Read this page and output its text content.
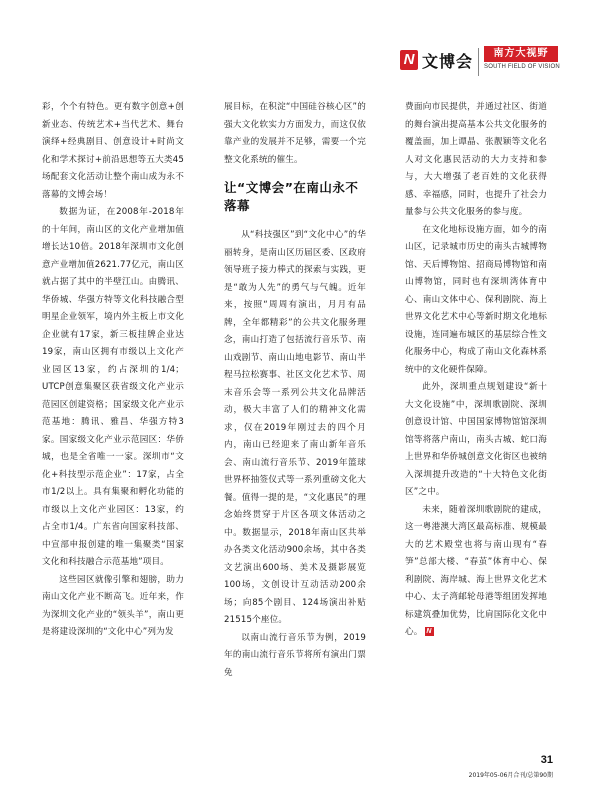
N 文博会	南方大视野
SOUTH FIELD OF VISION

彩，个个有特色。更有数字创意+创新业态、传统艺术+当代艺术、舞台演绎+经典剧目、创意设计+时尚文化和学术探讨+前沿思想等五大类45场配套文化活动让整个南山成为永不落幕的文博会场！

数据为证，在2008年-2018年的十年间，南山区的文化产业增加值增长达10倍。2018年深圳市文化创意产业增加值2621.77亿元，南山区就占据了其中的半壁江山。由腾讯、华侨城、华强方特等文化科技融合型明星企业领军，境内外主板上市文化企业就有17家，新三板挂牌企业达19家，南山区拥有市级以上文化产业园区13家，约占深圳的1/4；UTCP创意集聚区获省级文化产业示范园区创建资格；国家级文化产业示范基地：腾讯、雅昌、华强方特3家。国家级文化产业示范园区：华侨城，也是全省唯一一家。深圳市“文化+科技型示范企业”：17家，占全市1/2以上。具有集聚和孵化功能的市级以上文化产业园区：13家，约占全市1/4。广东省向国家科技部、中宣部申报创建的唯一集聚类“国家文化和科技融合示范基地”项目。

这些园区就像引擎和翅膀，助力南山文化产业不断高飞。近年来，作为深圳文化产业的“领头羊”，南山更是将建设深圳的“文化中心”列为发

展目标，在积淀“中国硅谷核心区”的强大文化软实力方面发力，而这仅依靠产业的发展并不足够，需要一个完整文化系统的催生。

让“文博会”在南山永不落幕

从“科技强区”到“文化中心”的华丽转身，是南山区历届区委、区政府领导班子接力棒式的探索与实践，更是“敢为人先”的勇气与气魄。近年来，按照“周周有演出，月月有品牌，全年都精彩”的公共文化服务理念，南山打造了包括流行音乐节、南山戏剧节、南山山地电影节、南山半程马拉松赛事、社区文化艺术节、周末音乐会等一系列公共文化品牌活动，极大丰富了人们的精神文化需求，仅在2019年刚过去的四个月内，南山已经迎来了南山新年音乐会、南山流行音乐节、2019年篮球世界杯抽签仪式等一系列重磅文化大餐。值得一提的是，“文化惠民”的理念始终贯穿于片区各项文体活动之中。数据显示，2018年南山区共举办各类文化活动900余场，其中各类文艺演出600场、美术及摄影展览100场，文创设计互动活动200余场；向85个剧目、124场演出补贴21515个座位。

以南山流行音乐节为例，2019年的南山流行音乐节将所有演出门票免

费面向市民提供，并通过社区、街道的舞台演出提高基本公共文化服务的覆盖面，加上谭晶、张靓颖等文化名人对文化惠民活动的大力支持和参与，大大增强了老百姓的文化获得感、幸福感，同时，也提升了社会力量参与公共文化服务的参与度。

在文化地标设施方面，如今的南山区，记录城市历史的南头古城博物馆、天后博物馆、招商局博物馆和南山博物馆，同时也有深圳湾体育中心、南山文体中心、保利剧院、海上世界文化艺术中心等新时期文化地标设施，连同遍布城区的基层综合性文化服务中心，构成了南山文化森林系统中的文化硬件保障。

此外，深圳重点规划建设“新十大文化设施”中，深圳歌剧院、深圳创意设计馆、中国国家博物馆馆深圳馆等将落户南山，南头古城、蛇口海上世界和华侨城创意文化街区也被纳入深圳提升改造的“十大特色文化街区”之中。

未来，随着深圳歌剧院的建成，这一粤港澳大湾区最高标准、规模最大的艺术殿堂也将与南山现有“春笋”总部大楼、“春茧”体育中心、保利剧院、海岸城、海上世界文化艺术中心、太子湾邮轮母港等组团发挥地标建筑叠加优势，比肩国际化文化中心。 N

31
2019年05-06月合刊/总第90期
